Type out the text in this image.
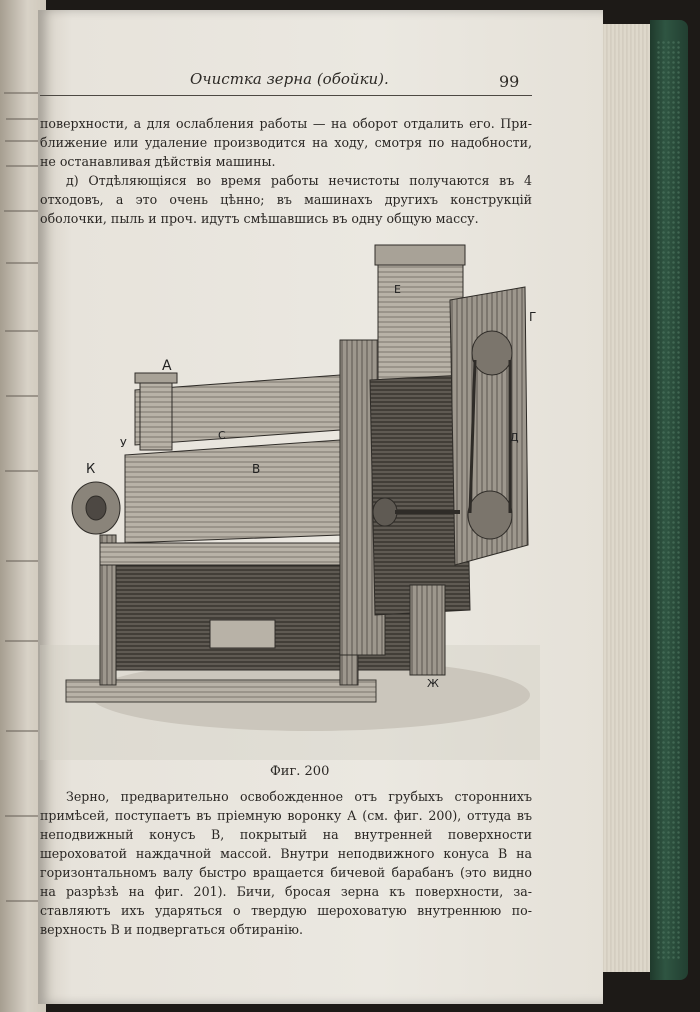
Очистка зерна (обойки).	99

поверхности, а для ослабления работы — на оборот отдалить его. При- ближение или удаление производится на ходу, смотря по надобности, не останавливая дѣйствія машины.

д) Отдѣляющіяся во время работы нечистоты получаются въ 4 отходовъ, а это очень цѣнно; въ машинахъ другихъ конструкцій оболочки, пыль и проч. идутъ смѣшавшись въ одну общую массу.

A
E
Г
У
К
С
В
Д
Ж
Фиг. 200

Зерно, предварительно освобожденное отъ грубыхъ стороннихъ примѣсей, поступаетъ въ пріемную воронку А (см. фиг. 200), оттуда въ неподвижный конусъ В, покрытый на внутренней поверхности шероховатой наждачной массой. Внутри неподвижного конуса В на горизонтальномъ валу быстро вращается бичевой барабанъ (это видно на разрѣзѣ на фиг. 201). Бичи, бросая зерна къ поверхности, за- ставляютъ ихъ ударяться о твердую шероховатую внутреннюю по- верхность В и подвергаться обтиранію.
